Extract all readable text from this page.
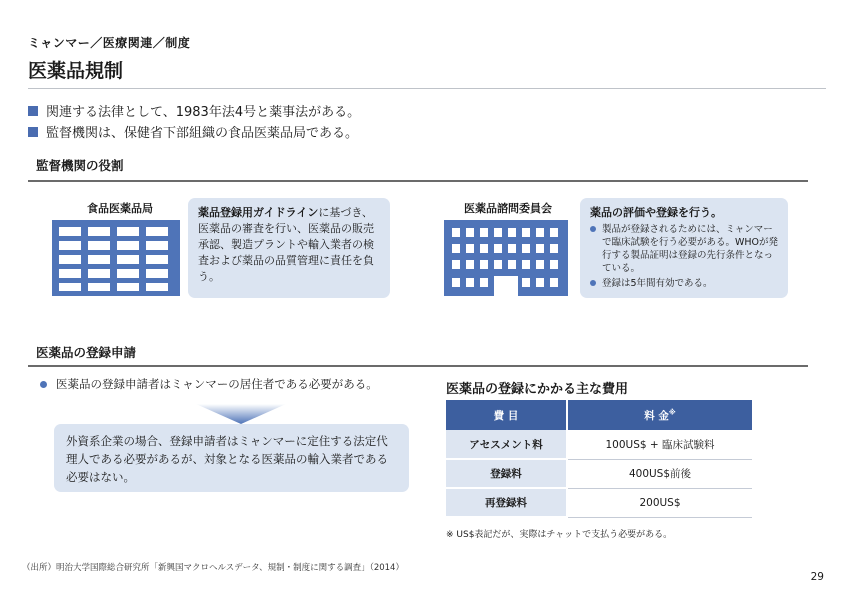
ミャンマー／医療関連／制度
医薬品規制
関連する法律として、1983年法4号と薬事法がある。
監督機関は、保健省下部組織の食品医薬品局である。
監督機関の役割
食品医薬品局	薬品登録用ガイドラインに基づき、医薬品の審査を行い、医薬品の販売承認、製造プラントや輸入業者の検査および薬品の品質管理に責任を負う。
医薬品諮問委員会	薬品の評価や登録を行う。
製品が登録されるためには、ミャンマーで臨床試験を行う必要がある。WHOが発行する製品証明は登録の先行条件となっている。
登録は5年間有効である。
医薬品の登録申請
医薬品の登録申請者はミャンマーの居住者である必要がある。
外資系企業の場合、登録申請者はミャンマーに定住する法定代理人である必要があるが、対象となる医薬品の輸入業者である必要はない。
医薬品の登録にかかる主な費用
費 目	料 金※
アセスメント料	100US$ + 臨床試験料
登録料	400US$前後
再登録料	200US$
※ US$表記だが、実際はチャットで支払う必要がある。
（出所）明治大学国際総合研究所「新興国マクロヘルスデータ、規制・制度に関する調査」（2014）
29
